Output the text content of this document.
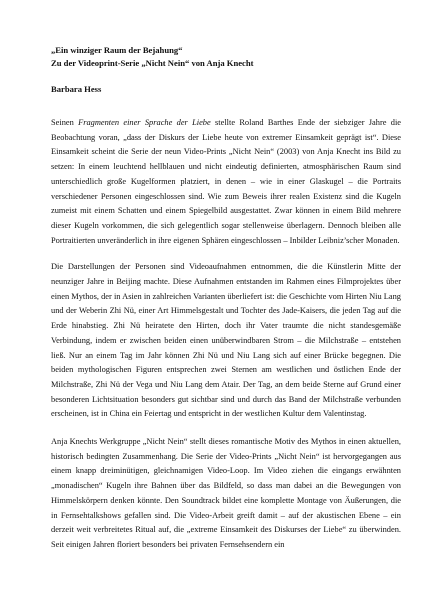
„Ein winziger Raum der Bejahung“
Zu der Videoprint-Serie „Nicht Nein“ von Anja Knecht
Barbara Hess

Seinen Fragmenten einer Sprache der Liebe stellte Roland Barthes Ende der siebziger Jahre die Beobachtung voran, „dass der Diskurs der Liebe heute von extremer Einsamkeit geprägt ist“. Diese Einsamkeit scheint die Serie der neun Video-Prints „Nicht Nein“ (2003) von Anja Knecht ins Bild zu setzen: In einem leuchtend hellblauen und nicht eindeutig definierten, atmosphärischen Raum sind unterschiedlich große Kugelformen platziert, in denen – wie in einer Glaskugel – die Portraits verschiedener Personen eingeschlossen sind. Wie zum Beweis ihrer realen Existenz sind die Kugeln zumeist mit einem Schatten und einem Spiegelbild ausgestattet. Zwar können in einem Bild mehrere dieser Kugeln vorkommen, die sich gelegentlich sogar stellenweise überlagern. Dennoch bleiben alle Portraitierten unveränderlich in ihre eigenen Sphären eingeschlossen – Inbilder Leibniz’scher Monaden.

Die Darstellungen der Personen sind Videoaufnahmen entnommen, die die Künstlerin Mitte der neunziger Jahre in Beijing machte. Diese Aufnahmen entstanden im Rahmen eines Filmprojektes über einen Mythos, der in Asien in zahlreichen Varianten überliefert ist: die Geschichte vom Hirten Niu Lang und der Weberin Zhi Nü, einer Art Himmelsgestalt und Tochter des Jade-Kaisers, die jeden Tag auf die Erde hinabstieg. Zhi Nü heiratete den Hirten, doch ihr Vater traumte die nicht standesgemäße Verbindung, indem er zwischen beiden einen unüberwindbaren Strom – die Milchstraße – entstehen ließ. Nur an einem Tag im Jahr können Zhi Nü und Niu Lang sich auf einer Brücke begegnen. Die beiden mythologischen Figuren entsprechen zwei Sternen am westlichen und östlichen Ende der Milchstraße, Zhi Nü der Vega und Niu Lang dem Atair. Der Tag, an dem beide Sterne auf Grund einer besonderen Lichtsituation besonders gut sichtbar sind und durch das Band der Milchstraße verbunden erscheinen, ist in China ein Feiertag und entspricht in der westlichen Kultur dem Valentinstag.

Anja Knechts Werkgruppe „Nicht Nein“ stellt dieses romantische Motiv des Mythos in einen aktuellen, historisch bedingten Zusammenhang. Die Serie der Video-Prints „Nicht Nein“ ist hervorgegangen aus einem knapp dreiminütigen, gleichnamigen Video-Loop. Im Video ziehen die eingangs erwähnten „monadischen“ Kugeln ihre Bahnen über das Bildfeld, so dass man dabei an die Bewegungen von Himmelskörpern denken könnte. Den Soundtrack bildet eine komplette Montage von Äußerungen, die in Fernsehtalkshows gefallen sind. Die Video-Arbeit greift damit – auf der akustischen Ebene – ein derzeit weit verbreitetes Ritual auf, die „extreme Einsamkeit des Diskurses der Liebe“ zu überwinden. Seit einigen Jahren floriert besonders bei privaten Fernsehsendern ein
